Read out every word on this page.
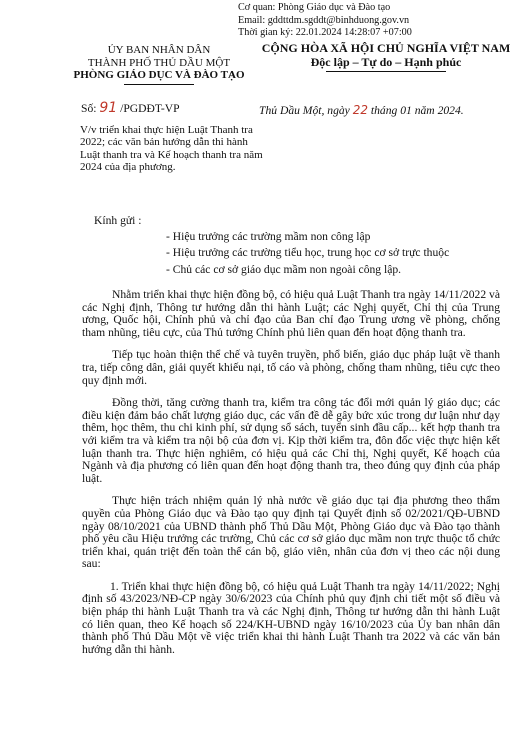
Cơ quan: Phòng Giáo dục và Đào tạo
Email: gddttdm.sgddt@binhduong.gov.vn
Thời gian ký: 22.01.2024 14:28:07 +07:00
ỦY BAN NHÂN DÂN
THÀNH PHỐ THỦ DẦU MỘT
PHÒNG GIÁO DỤC VÀ ĐÀO TẠO
CỘNG HÒA XÃ HỘI CHỦ NGHĨA VIỆT NAM
Độc lập – Tự do – Hạnh phúc
Số: 91 /PGDĐT-VP	Thủ Dầu Một, ngày 22 tháng 01 năm 2024.
V/v triển khai thực hiện Luật Thanh tra 2022; các văn bản hướng dẫn thi hành Luật thanh tra và Kế hoạch thanh tra năm 2024 của địa phương.
Kính gửi :
- Hiệu trưởng các trường mầm non công lập
- Hiệu trưởng các trường tiểu học, trung học cơ sở trực thuộc
- Chủ các cơ sở giáo dục mầm non ngoài công lập.

Nhằm triển khai thực hiện đồng bộ, có hiệu quả Luật Thanh tra ngày 14/11/2022 và các Nghị định, Thông tư hướng dẫn thi hành Luật; các Nghị quyết, Chỉ thị của Trung ương, Quốc hội, Chính phủ và chỉ đạo của Ban chỉ đạo Trung ương về phòng, chống tham nhũng, tiêu cực, của Thủ tướng Chính phủ liên quan đến hoạt động thanh tra.

Tiếp tục hoàn thiện thể chế và tuyên truyền, phổ biến, giáo dục pháp luật về thanh tra, tiếp công dân, giải quyết khiếu nại, tố cáo và phòng, chống tham nhũng, tiêu cực theo quy định mới.

Đồng thời, tăng cường thanh tra, kiểm tra công tác đổi mới quản lý giáo dục; các điều kiện đảm bảo chất lượng giáo dục, các vấn đề dễ gây bức xúc trong dư luận như dạy thêm, học thêm, thu chi kinh phí, sử dụng sổ sách, tuyển sinh đầu cấp... kết hợp thanh tra với kiểm tra và kiểm tra nội bộ của đơn vị. Kịp thời kiểm tra, đôn đốc việc thực hiện kết luận thanh tra. Thực hiện nghiêm, có hiệu quả các Chỉ thị, Nghị quyết, Kế hoạch của Ngành và địa phương có liên quan đến hoạt động thanh tra, theo đúng quy định của pháp luật.

Thực hiện trách nhiệm quản lý nhà nước về giáo dục tại địa phương theo thẩm quyền của Phòng Giáo dục và Đào tạo quy định tại Quyết định số 02/2021/QĐ-UBND ngày 08/10/2021 của UBND thành phố Thủ Dầu Một, Phòng Giáo dục và Đào tạo thành phố yêu cầu Hiệu trưởng các trường, Chủ các cơ sở giáo dục mầm non trực thuộc tổ chức triển khai, quán triệt đến toàn thể cán bộ, giáo viên, nhân của đơn vị theo các nội dung sau:

1. Triển khai thực hiện đồng bộ, có hiệu quả Luật Thanh tra ngày 14/11/2022; Nghị định số 43/2023/NĐ-CP ngày 30/6/2023 của Chính phủ quy định chi tiết một số điều và biện pháp thi hành Luật Thanh tra và các Nghị định, Thông tư hướng dẫn thi hành Luật có liên quan, theo Kế hoạch số 224/KH-UBND ngày 16/10/2023 của Ủy ban nhân dân thành phố Thủ Dầu Một về việc triển khai thi hành Luật Thanh tra 2022 và các văn bản hướng dẫn thi hành.
